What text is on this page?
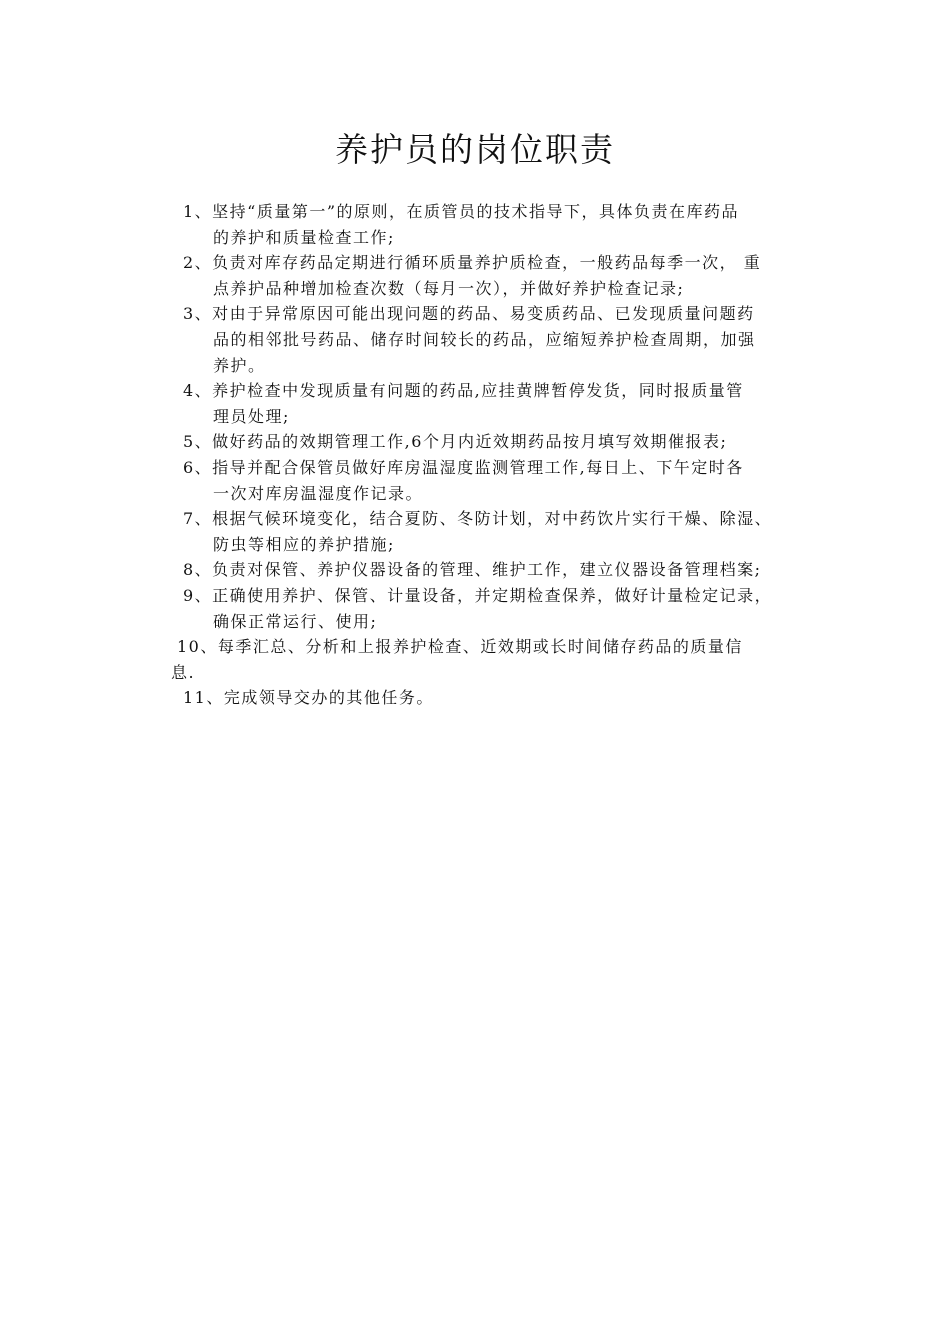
养护员的岗位职责
1、坚持“质量第一”的原则，在质管员的技术指导下，具体负责在库药品
的养护和质量检查工作;
2、负责对库存药品定期进行循环质量养护质检查，一般药品每季一次， 重
点养护品种增加检查次数（每月一次），并做好养护检查记录;
3、对由于异常原因可能出现问题的药品、易变质药品、已发现质量问题药
品的相邻批号药品、储存时间较长的药品，应缩短养护检查周期，加强
养护。
4、养护检查中发现质量有问题的药品,应挂黄牌暂停发货，同时报质量管
理员处理;
5、做好药品的效期管理工作,6个月内近效期药品按月填写效期催报表;
6、指导并配合保管员做好库房温湿度监测管理工作,每日上、下午定时各
一次对库房温湿度作记录。
7、根据气候环境变化，结合夏防、冬防计划，对中药饮片实行干燥、除湿、
防虫等相应的养护措施;
8、负责对保管、养护仪器设备的管理、维护工作，建立仪器设备管理档案;
9、正确使用养护、保管、计量设备，并定期检查保养，做好计量检定记录，
确保正常运行、使用;
10、每季汇总、分析和上报养护检查、近效期或长时间储存药品的质量信
息.
11、完成领导交办的其他任务。
